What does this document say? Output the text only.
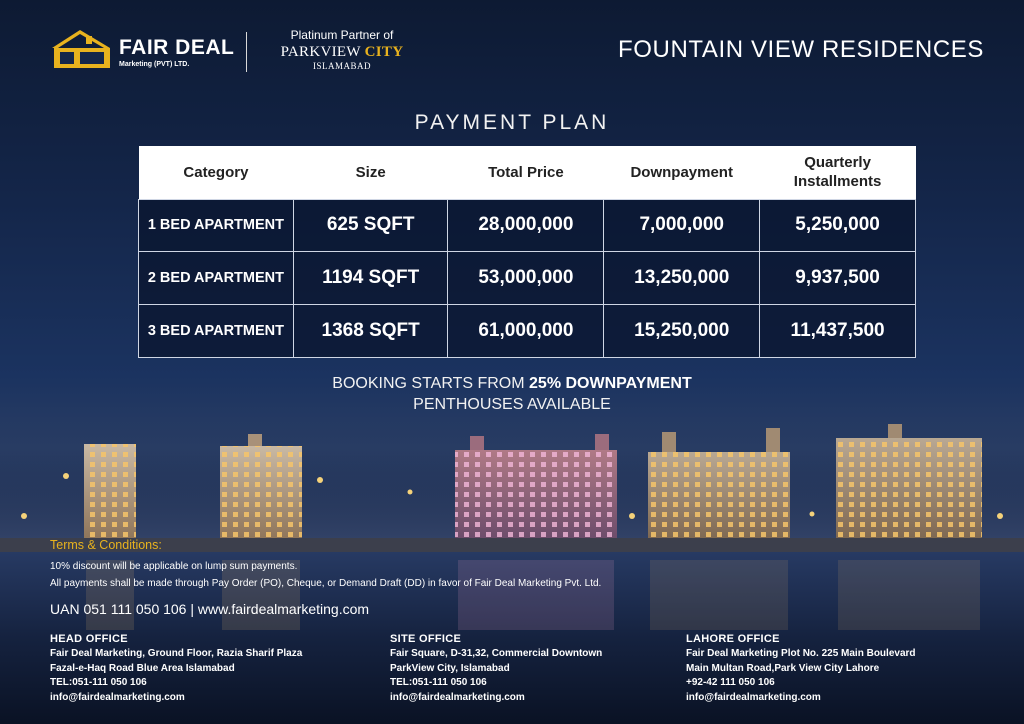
FAIR DEAL
Marketing (PVT) LTD.
Platinum Partner of
PARKVIEW CITY
ISLAMABAD
FOUNTAIN VIEW RESIDENCES
PAYMENT PLAN
Category	Size	Total Price	Downpayment	Quarterly Installments
1 BED APARTMENT	625 SQFT	28,000,000	7,000,000	5,250,000
2 BED APARTMENT	1194 SQFT	53,000,000	13,250,000	9,937,500
3 BED APARTMENT	1368 SQFT	61,000,000	15,250,000	11,437,500
BOOKING STARTS FROM 25% DOWNPAYMENT
PENTHOUSES AVAILABLE
Terms & Conditions:
10% discount will be applicable on lump sum payments.
All payments shall be made through Pay Order (PO), Cheque, or Demand Draft (DD) in favor of Fair Deal Marketing Pvt. Ltd.
UAN 051 111 050 106 | www.fairdealmarketing.com
HEAD OFFICE
Fair Deal Marketing, Ground Floor, Razia Sharif Plaza
Fazal-e-Haq Road Blue Area Islamabad
TEL:051-111 050 106
info@fairdealmarketing.com
SITE OFFICE
Fair Square, D-31,32, Commercial Downtown
ParkView City, Islamabad
TEL:051-111 050 106
info@fairdealmarketing.com
LAHORE OFFICE
Fair Deal Marketing Plot No. 225 Main Boulevard
Main Multan Road,Park View City Lahore
+92-42 111 050 106
info@fairdealmarketing.com
